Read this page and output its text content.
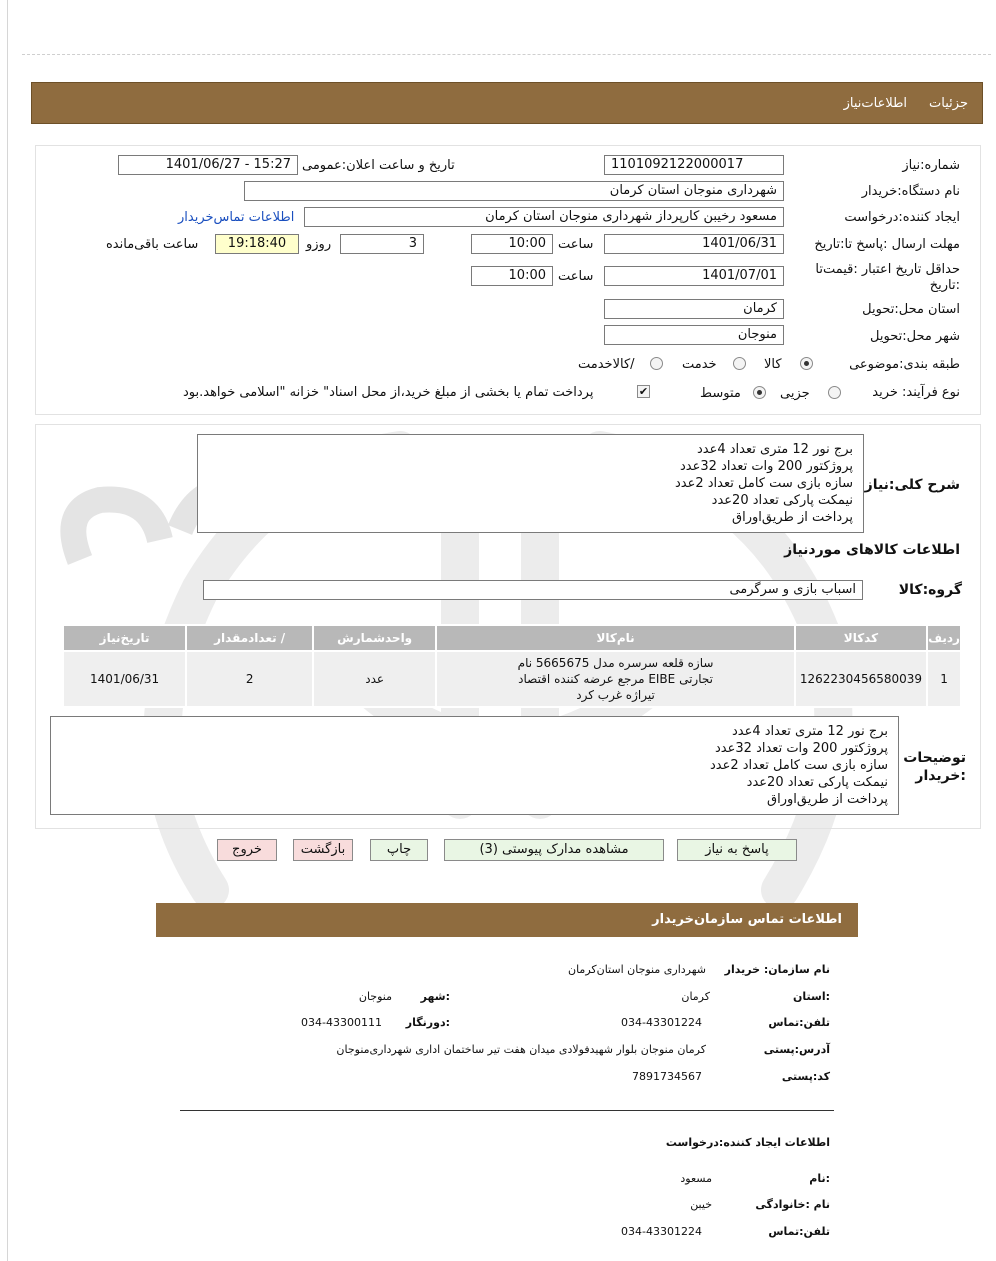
جزئیات
اطلاعات‌نیاز
شماره:نیاز
1101092122000017
تاریخ و ساعت اعلان:عمومی
1401/06/27 - 15:27
نام دستگاه:خریدار
شهرداری منوجان استان کرمان
ایجاد کننده:درخواست
مسعود رخیبن کارپرداز شهرداری منوجان استان کرمان
اطلاعات تماس‌خریدار
مهلت ارسال :پاسخ تا:تاریخ
1401/06/31
ساعت
10:00
3
روزو
19:18:40
ساعت باقی‌مانده
حداقل تاریخ اعتبار :قیمت‌تا
:تاریخ
1401/07/01
ساعت
10:00
استان محل:تحویل
کرمان
شهر محل:تحویل
منوجان
طبقه بندی:موضوعی
کالا
خدمت
/کالاخدمت
نوع فرآیند: خرید
جزیی
متوسط
✔
پرداخت تمام یا بخشی از مبلغ خرید،از محل اسناد" خزانه "اسلامی خواهد.بود
شرح کلی:نیاز
برج نور 12 متری تعداد 4عدد
پروژکتور 200 وات تعداد 32عدد
سازه بازی ست کامل تعداد 2عدد
نیمکت پارکی تعداد 20عدد
پرداخت از طریق‌اوراق
اطلاعات کالاهای موردنیاز
گروه:کالا
اسباب بازی و سرگرمی
ردیف	کدکالا	نام‌کالا	واحدشمارش	/ تعدادمقدار	تاریخ‌نیاز
1	1262230456580039	سازه قلعه سرسره مدل 5665675 نام
تجارتی EIBE مرجع عرضه کننده اقتصاد
تیراژه غرب کرد	عدد	2	1401/06/31
توضیحات
:خریدار
برج نور 12 متری تعداد 4عدد
پروژکتور 200 وات تعداد 32عدد
سازه بازی ست کامل تعداد 2عدد
نیمکت پارکی تعداد 20عدد
پرداخت از طریق‌اوراق
پاسخ به نیاز
مشاهده مدارک پیوستی (3)
چاپ
بازگشت
خروج
اطلاعات تماس سازمان‌خریدار
نام سازمان: خریدار
شهرداری منوجان استان‌کرمان
:استان
کرمان
:شهر
منوجان
تلفن:تماس
034-43301224
:دورنگار
034-43300111
آدرس:پستی
کرمان منوجان بلوار شهیدفولادی میدان هفت تیر ساختمان اداری شهرداری‌منوجان
کد:پستی
7891734567
اطلاعات ایجاد کننده:درخواست
:نام
مسعود
نام :خانوادگی
خیبن
تلفن:تماس
034-43301224
